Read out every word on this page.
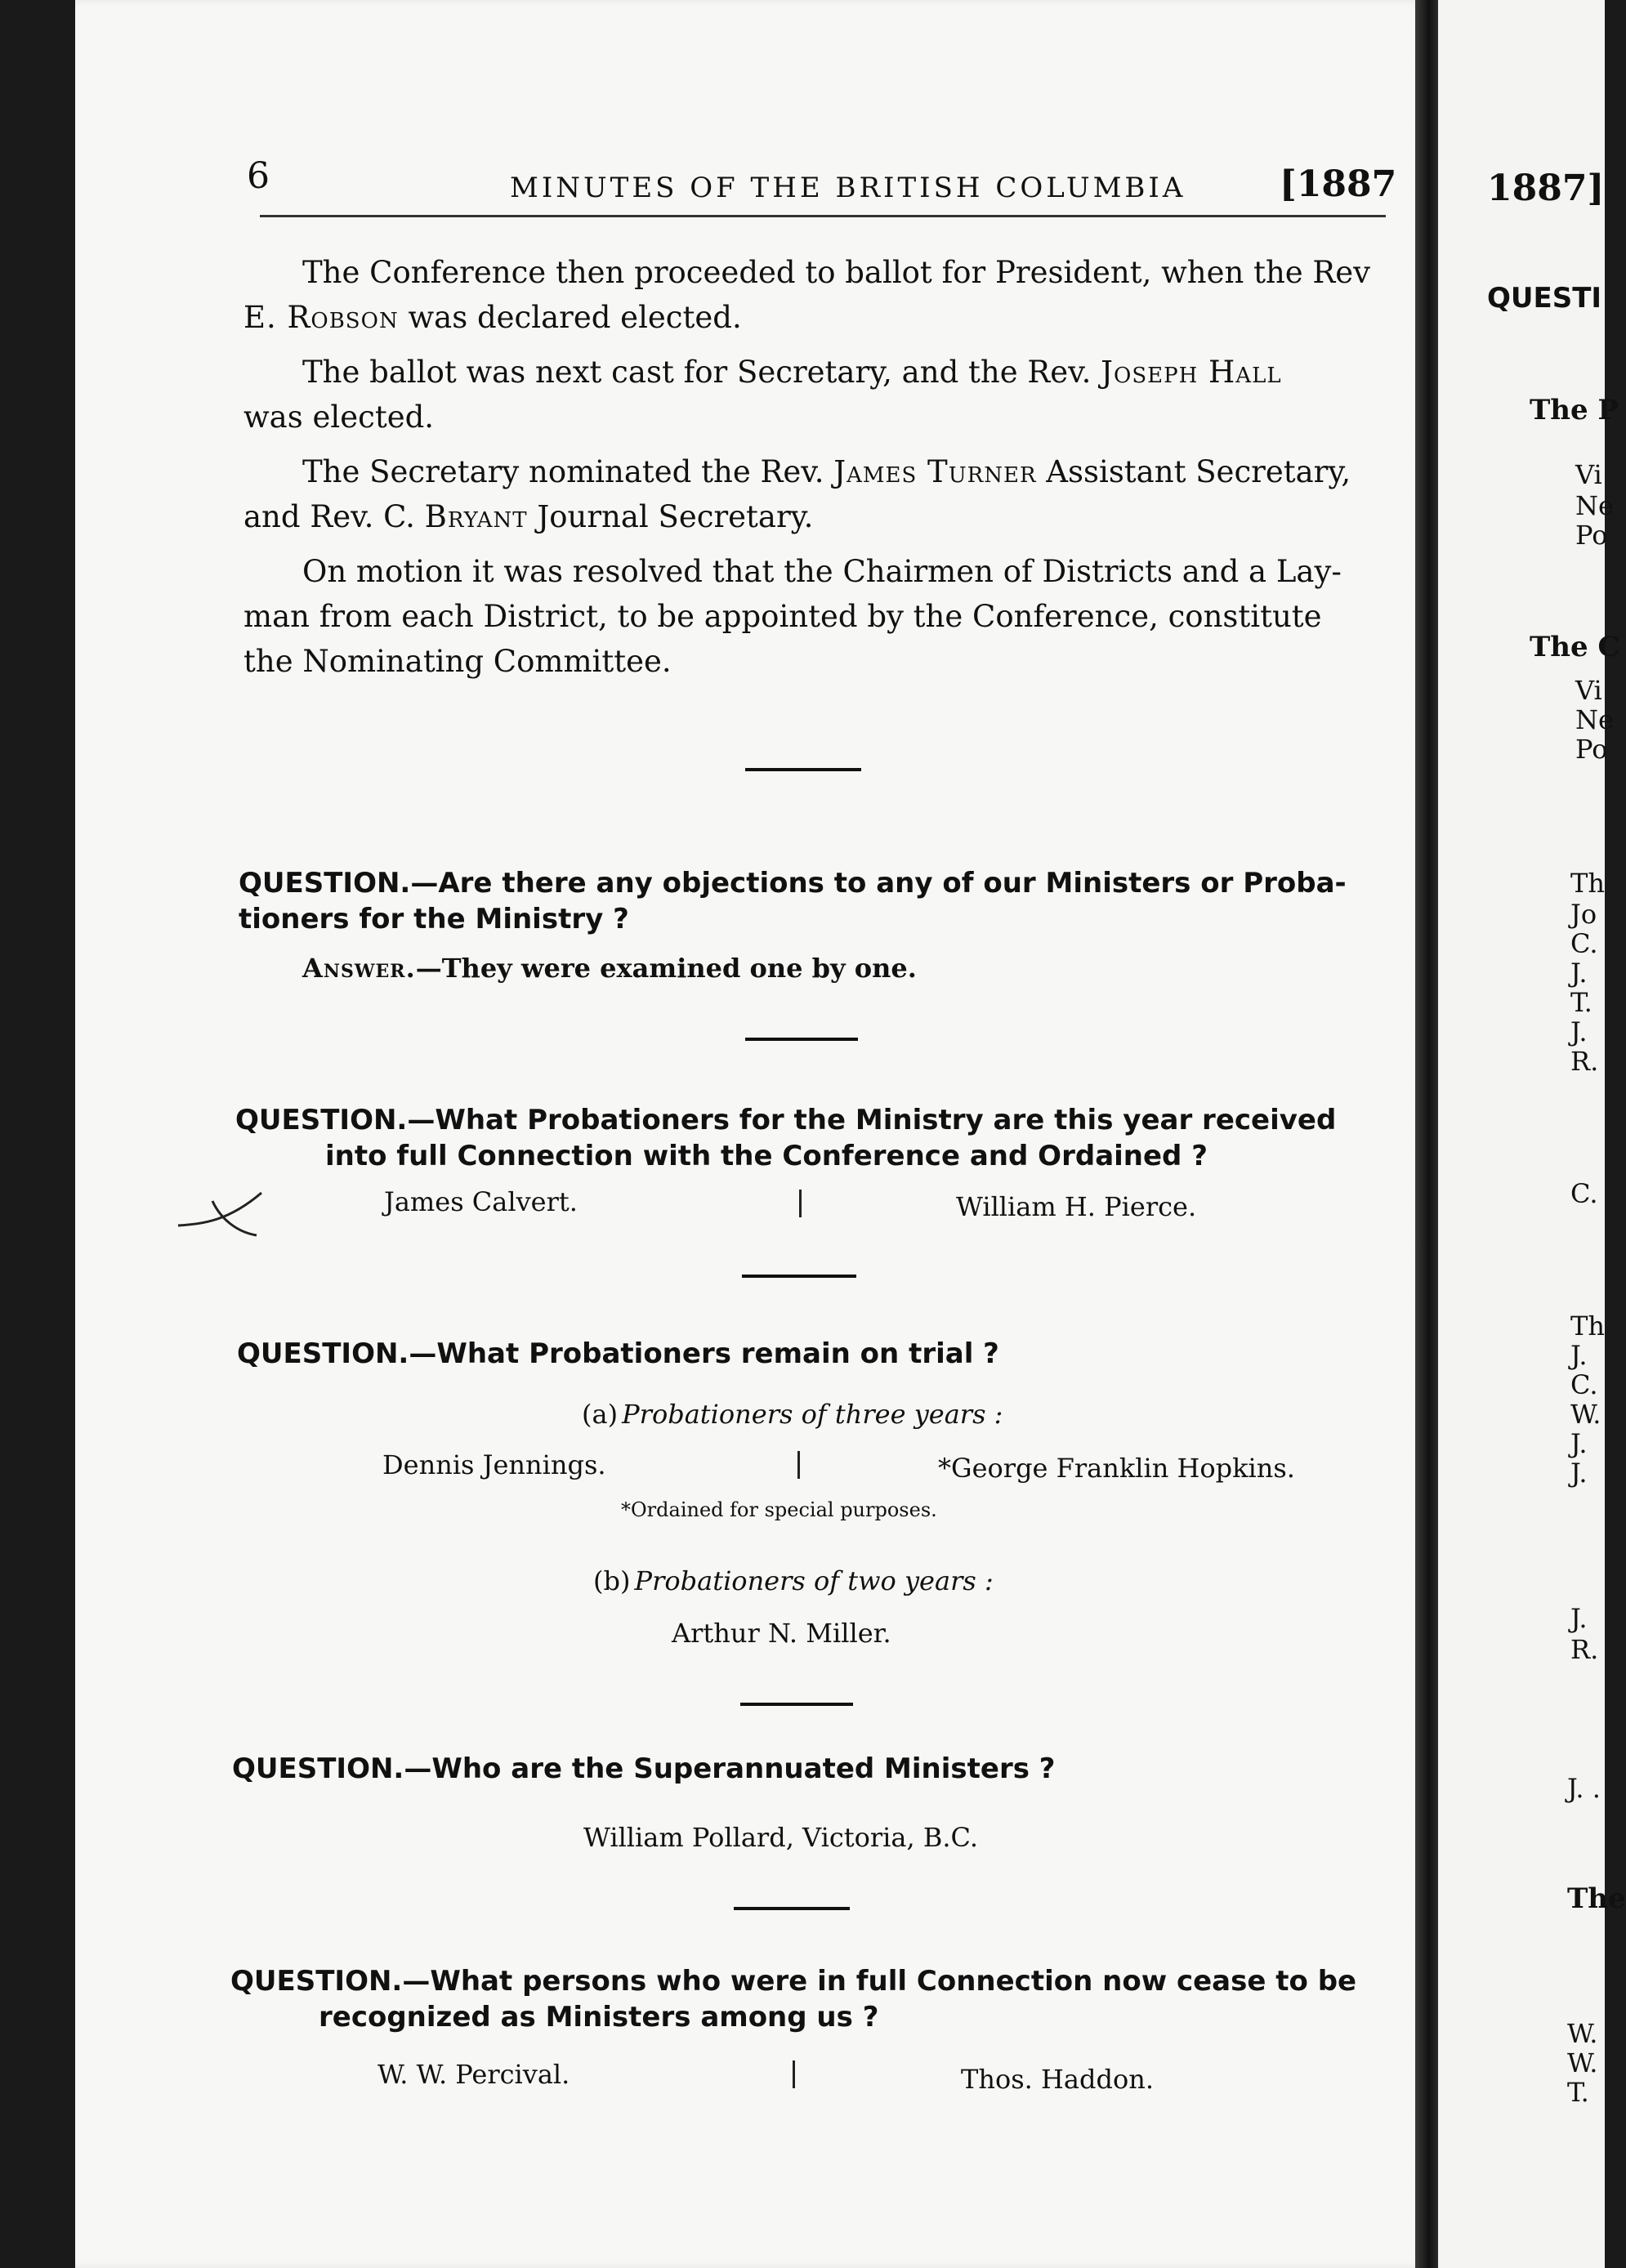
1887]
QUESTI
The P
Vi
Ne
Po
The C
Vi
Ne
Po
Th
Jo
C.
J.
T.
J.
R.
C.
Th
J.
C.
W.
J.
J.
J.
R.
J. .
The
W.
W.
T.
6	MINUTES OF THE BRITISH COLUMBIA	[1887

The Conference then proceeded to ballot for President, when the Rev

E. Robson was declared elected.

The ballot was next cast for Secretary, and the Rev. Joseph Hall

was elected.

The Secretary nominated the Rev. James Turner Assistant Secretary,

and Rev. C. Bryant Journal Secretary.

On motion it was resolved that the Chairmen of Districts and a Lay-

man from each District, to be appointed by the Conference, constitute

the Nominating Committee.

QUESTION.—Are there any objections to any of our Ministers or Proba-
tioners for the Ministry ?
Answer.—They were examined one by one.
QUESTION.—What Probationers for the Ministry are this year received
into full Connection with the Conference and Ordained ?
James Calvert.	William H. Pierce.
QUESTION.—What Probationers remain on trial ?
(a) Probationers of three years :
Dennis Jennings.	*George Franklin Hopkins.
*Ordained for special purposes.
(b) Probationers of two years :
Arthur N. Miller.
QUESTION.—Who are the Superannuated Ministers ?
William Pollard, Victoria, B.C.
QUESTION.—What persons who were in full Connection now cease to be
recognized as Ministers among us ?
W. W. Percival.	Thos. Haddon.
